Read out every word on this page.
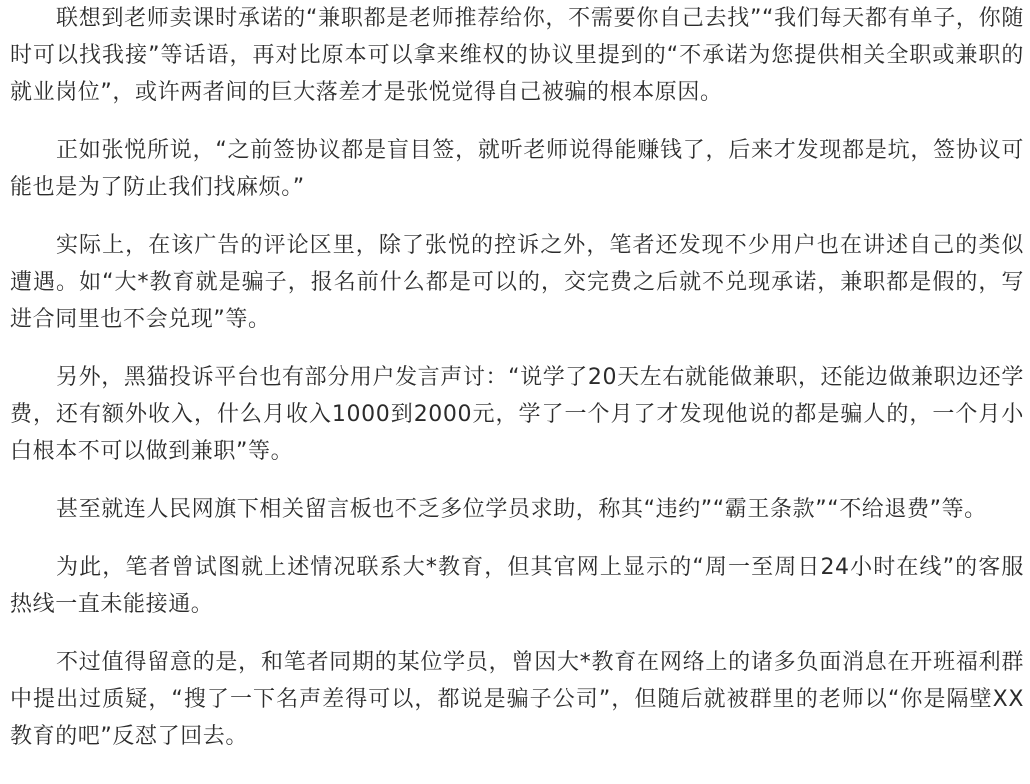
联想到老师卖课时承诺的“兼职都是老师推荐给你，不需要你自己去找”“我们每天都有单子，你随时可以找我接”等话语，再对比原本可以拿来维权的协议里提到的“不承诺为您提供相关全职或兼职的就业岗位”，或许两者间的巨大落差才是张悦觉得自己被骗的根本原因。

正如张悦所说，“之前签协议都是盲目签，就听老师说得能赚钱了，后来才发现都是坑，签协议可能也是为了防止我们找麻烦。”

实际上，在该广告的评论区里，除了张悦的控诉之外，笔者还发现不少用户也在讲述自己的类似遭遇。如“大*教育就是骗子，报名前什么都是可以的，交完费之后就不兑现承诺，兼职都是假的，写进合同里也不会兑现”等。

另外，黑猫投诉平台也有部分用户发言声讨：“说学了20天左右就能做兼职，还能边做兼职边还学费，还有额外收入，什么月收入1000到2000元，学了一个月了才发现他说的都是骗人的，一个月小白根本不可以做到兼职”等。

甚至就连人民网旗下相关留言板也不乏多位学员求助，称其“违约”“霸王条款”“不给退费”等。

为此，笔者曾试图就上述情况联系大*教育，但其官网上显示的“周一至周日24小时在线”的客服热线一直未能接通。

不过值得留意的是，和笔者同期的某位学员，曾因大*教育在网络上的诸多负面消息在开班福利群中提出过质疑，“搜了一下名声差得可以，都说是骗子公司”，但随后就被群里的老师以“你是隔壁XX教育的吧”反怼了回去。
